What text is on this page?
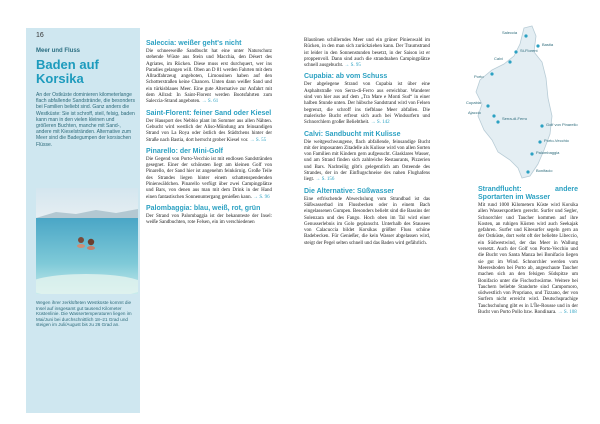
16
Meer und Fluss
Baden auf Korsika
An der Ostküste dominieren kilometerlange flach abfallende Sandstrände, die besonders bei Familien beliebt sind. Ganz anders die Westküste: Sie ist schroff, steil, felsig, baden kann man in den vielen kleinen und größeren Buchten, manche mit Sand-, andere mit Kieselstränden. Alternative zum Meer sind die Badegumpen der korsischen Flüsse.
Wegen ihrer zerklüfteten Westküste kommt die Insel auf insgesamt gut tausend Kilometer Küstenlinie. Die Wassertemperaturen liegen im Mai/Juni bei durchschnittlich 18–21 Grad und steigen im Juli/August bis zu 26 Grad an.
Saleccia: weißer geht's nicht

Die schneeweiße Sandbucht hat eine unter Naturschutz stehende Wüste aus Stein und Macchia, den Désert des Agriates, im Rücken. Diese muss erst durchquert, wer ins Paradies gelangen will. Oben an D 81 werden Fahrten mit dem Allradfahrzeug angeboten, Limousinen haben auf den Schotterstraßen keine Chancen. Unten dann weißer Sand und ein türkisblaues Meer. Eine gute Alternative zur Anfahrt mit dem Allrad: In Saint-Florent werden Bootsfahrten zum Saleccia-Strand angeboten. → S. 61

Saint-Florent: feiner Sand oder Kiesel

Der Hausport des Nebbio plant im Sommer aus allen Nähten. Gebucht wird westlich der Aliso-Mündung am feinsandigen Strand von La Roya oder östlich des Städtchens hinter der Straße nach Bastia, dort herrscht grober Kiesel vor. → S. 55

Pinarello: der Mini-Golf

Die Gegend von Porto-Vecchio ist mit endlosen Sandstränden gesegnet. Einer der schönsten liegt am kleinen Golf von Pinarello, der Sand hier ist angenehm feinkörnig. Große Teile des Strandes liegen hinter einem schattenspendenden Pinienwäldchen. Pinarello verfügt über zwei Campingplätze und Bars, von denen aus man mit dem Drink in der Hand einen fantastischen Sonnenuntergang genießen kann. → S. 96

Palombaggia: blau, weiß, rot, grün

Der Strand von Palombaggia ist der bekannteste der Insel: weiße Sandbuchten, rote Felsen, ein im verschiedenen

Blautönen schillerndes Meer und ein grüner Pinienwald im Rücken, in den man sich zurückziehen kann. Der Traumstrand ist leider in den Sonnenstunden besetzt, in der Saison ist er proppenvoll. Dann sind auch die strandnahen Campingplätze schnell ausgebucht. → S. 95

Cupabia: ab vom Schuss

Der abgelegene Strand von Cupabia ist über eine Asphaltstraße von Serra-di-Ferro aus erreichbar. Wanderer sind von hier aus auf dem „Tra Mare e Monti Sud“ in einer halben Stunde unten. Der hübsche Sandstrand wird von Felsen begrenzt, die schroff ins tiefblaue Meer abfallen. Die malerische Bucht erfreut sich auch bei Windsurfern und Schnorchlern großer Beliebtheit. → S. 142

Calvi: Sandbucht mit Kulisse

Die weitgeschwungene, flach abfallende, feinsandige Bucht mit der imposanten Zitadelle als Kulisse wird von allen Sorten von Familien mit Kindern gern aufgesucht. Glasklares Wasser, und am Strand finden sich zahlreiche Restaurants, Pizzerien und Bars. Nachteilig gibt's gelegentlich am Osteende des Strandes, der in der Einflugschneise des nahen Flughafens liegt. → S. 156

Die Alternative: Süßwasser

Eine erfrischende Abwechslung vom Strandbad ist das Süßwasserbad im Flussbecken oder in einem Bach eingelassenen Gumpen. Besonders beliebt sind die Bassins der Solenzara und des Fango. Hoch oben im Tal wird einer Genusserlebnis im Golo geplanscht. Unterhalb des Stausees von Calacuccia bildet Korsikas größter Fluss schöne Badebecken. Für Genießer, die kein Wasser abgelassen wird, steigt der Pegel selten schnell und das Baden wird gefährlich.

Saleccia
Calvi
Porto
Cupabia
Serra-di-Ferro
Golf von Pinarello
Porto-Vecchio
Bonifacio
Palombaggia
St-Florent
Bastia
Ajaccio
Strandflucht: andere Sportarten im Wasser

Mit rund 1000 Kilometern Küste wird Korsika allen Wassersportlern gerecht. Surfer und Segler, Schnorchler und Taucher kommen auf ihre Kosten, an ruhigen Küsten wird auch Seekajak gefahren. Surfer und Kitesurfer segeln gern an der Ostküste, dort weht oft der beliebte Libeccio, ein Südwestwind, der das Meer in Wallung versetzt. Auch der Golf von Porto-Vecchio und die Bucht von Santa Manza bei Bonifacio liegen sie gut im Wind. Schnorchler werden vom Meeresboden bei Porto ab, angeschaute Taucher machen sich an den felsigen Südspitze um Bonifacio unter die Fischschwärme. Weitere bei Tauchern beliebte Standorte sind Campomoro, südwestlich von Propriano, und Tizzano, der von Surfern nicht erreicht wird. Deutschsprachige Tauchschulung gibt es in L'Île-Rousse und in der Bucht von Porto Pollo bzw. Rondinara. → S. 108
